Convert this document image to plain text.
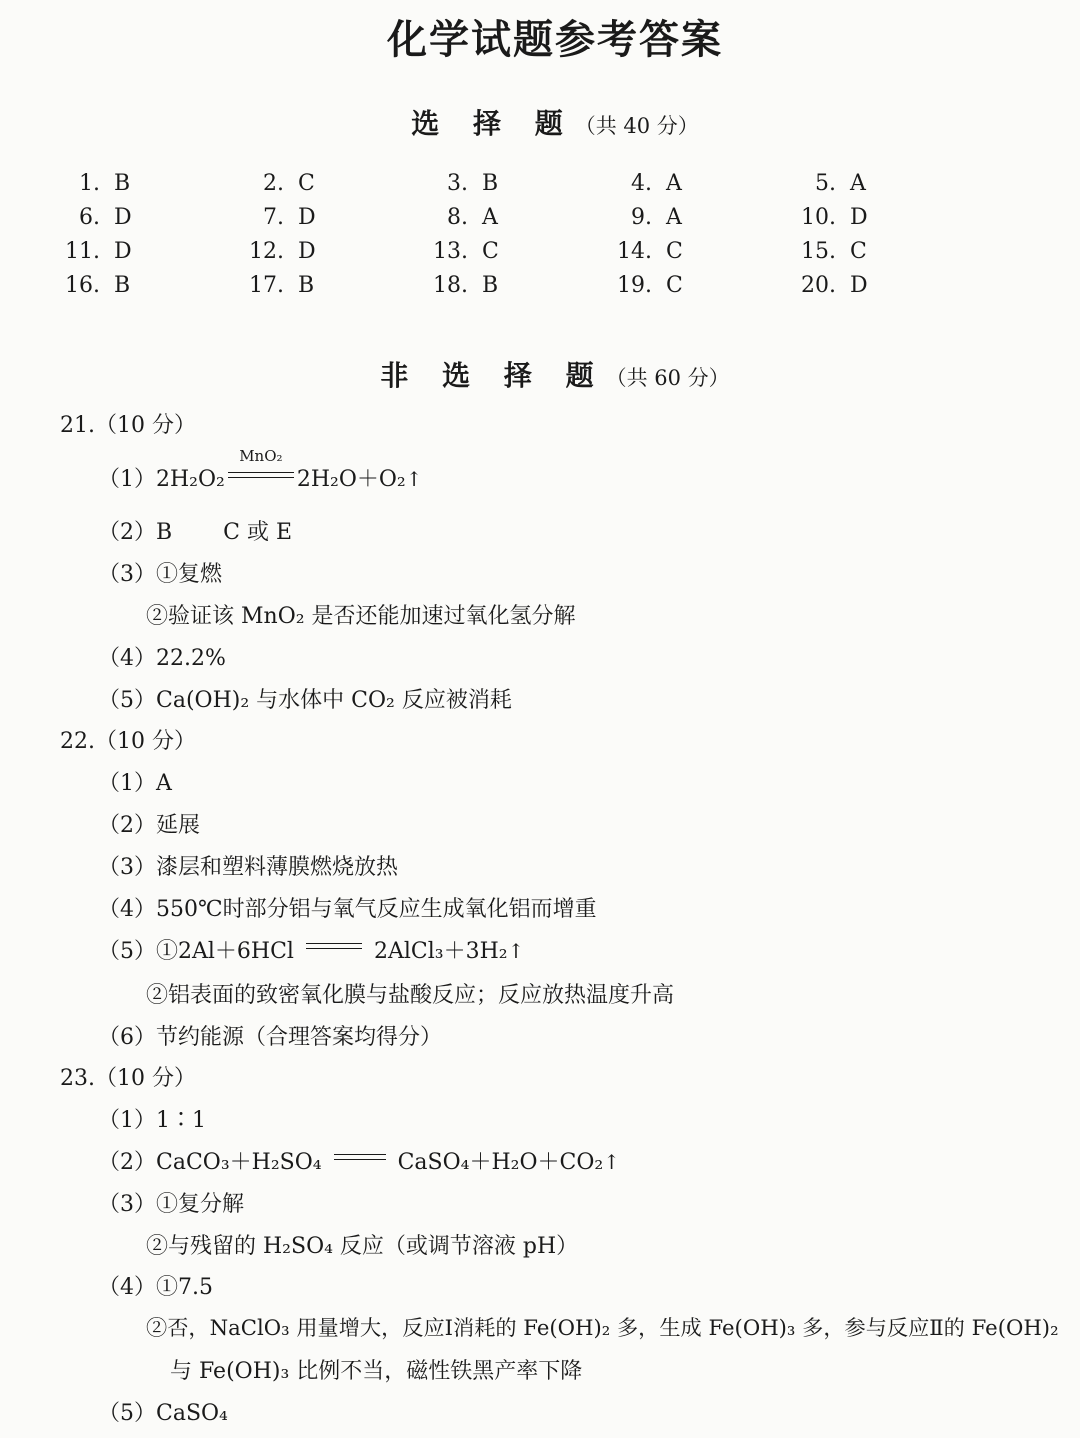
化学试题参考答案
选 择 题（共 40 分）
1. B	2. C	3. B	4. A	5. A
6. D	7. D	8. A	9. A	10. D
11. D	12. D	13. C	14. C	15. C
16. B	17. B	18. B	19. C	20. D
非 选 择 题（共 60 分）
21.（10 分）
（1）2H₂O₂
MnO₂
2H₂O＋O₂↑
（2）B　　 C 或 E
（3）①复燃
②验证该 MnO₂ 是否还能加速过氧化氢分解
（4）22.2%
（5）Ca(OH)₂ 与水体中 CO₂ 反应被消耗
22.（10 分）
（1）A
（2）延展
（3）漆层和塑料薄膜燃烧放热
（4）550℃时部分铝与氧气反应生成氧化铝而增重
（5）①2Al＋6HCl	2AlCl₃＋3H₂↑
②铝表面的致密氧化膜与盐酸反应；反应放热温度升高
（6）节约能源（合理答案均得分）
23.（10 分）
（1）1∶1
（2）CaCO₃＋H₂SO₄	CaSO₄＋H₂O＋CO₂↑
（3）①复分解
②与残留的 H₂SO₄ 反应（或调节溶液 pH）
（4）①7.5
②否，NaClO₃ 用量增大，反应Ⅰ消耗的 Fe(OH)₂ 多，生成 Fe(OH)₃ 多，参与反应Ⅱ的 Fe(OH)₂
与 Fe(OH)₃ 比例不当，磁性铁黑产率下降
（5）CaSO₄
